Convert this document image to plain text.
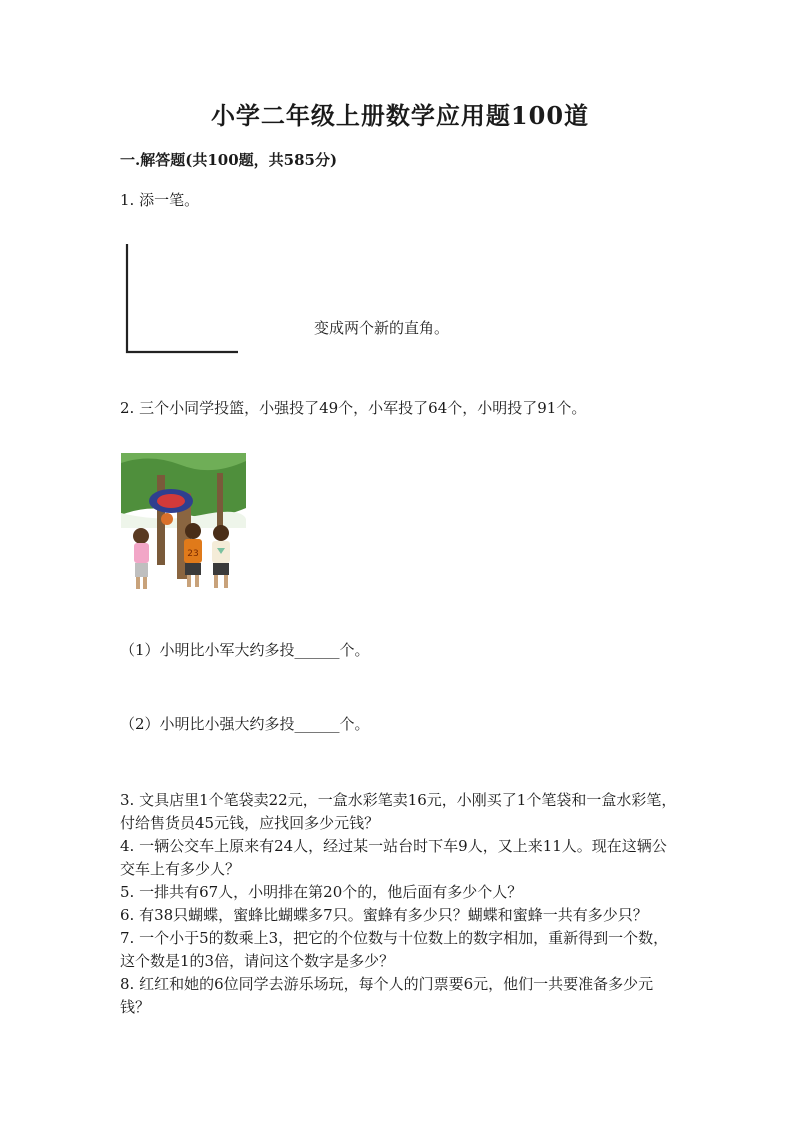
小学二年级上册数学应用题100道
一.解答题(共100题，共585分)
1. 添一笔。
变成两个新的直角。
2. 三个小同学投篮，小强投了49个，小军投了64个，小明投了91个。
23
（1）小明比小军大约多投______个。
（2）小明比小强大约多投______个。

3. 文具店里1个笔袋卖22元，一盒水彩笔卖16元，小刚买了1个笔袋和一盒水彩笔，付给售货员45元钱，应找回多少元钱？

4. 一辆公交车上原来有24人，经过某一站台时下车9人，又上来11人。现在这辆公交车上有多少人？

5. 一排共有67人，小明排在第20个的，他后面有多少个人？

6. 有38只蝴蝶，蜜蜂比蝴蝶多7只。蜜蜂有多少只？蝴蝶和蜜蜂一共有多少只？

7. 一个小于5的数乘上3，把它的个位数与十位数上的数字相加，重新得到一个数，这个数是1的3倍，请问这个数字是多少？

8. 红红和她的6位同学去游乐场玩，每个人的门票要6元，他们一共要准备多少元钱？
